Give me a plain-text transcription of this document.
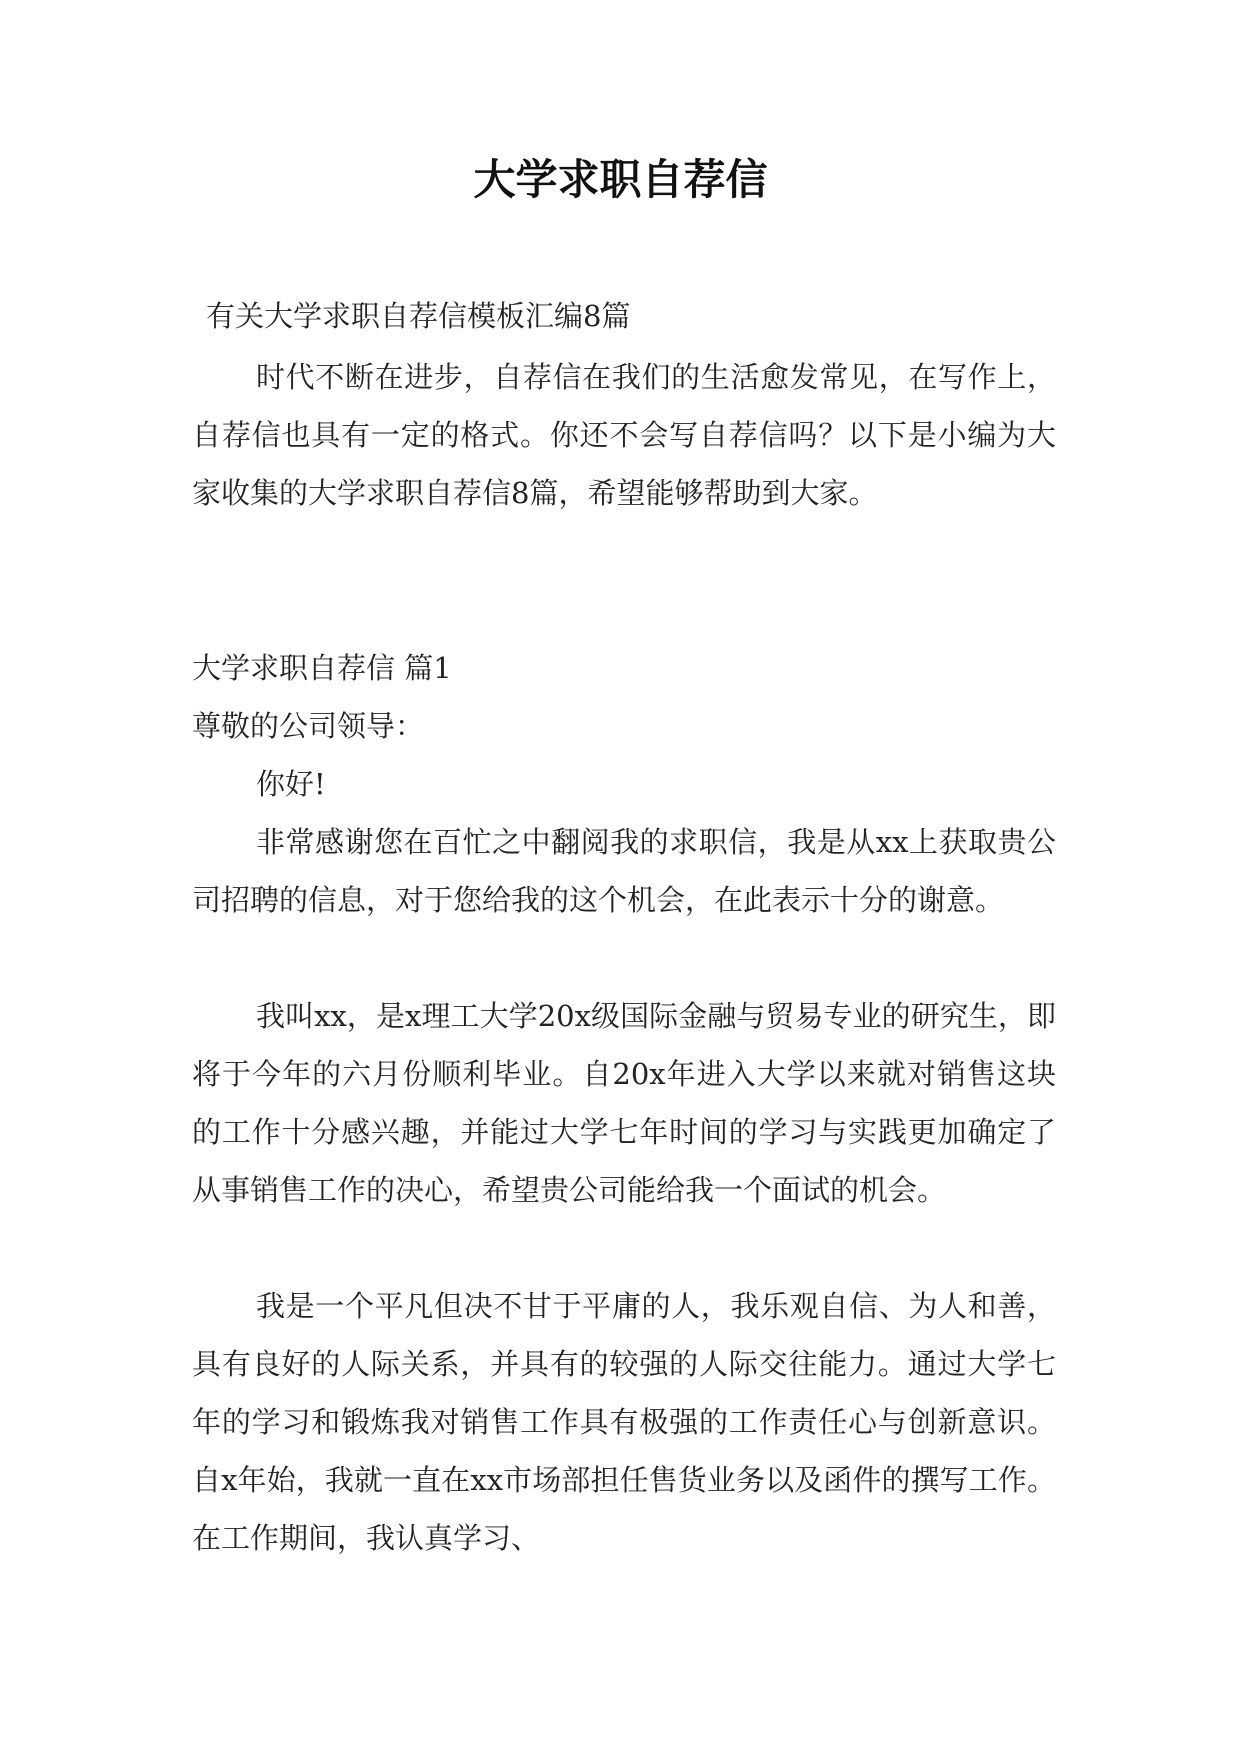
大学求职自荐信

有关大学求职自荐信模板汇编8篇

时代不断在进步，自荐信在我们的生活愈发常见，在写作上，自荐信也具有一定的格式。你还不会写自荐信吗？以下是小编为大家收集的大学求职自荐信8篇，希望能够帮助到大家。

大学求职自荐信 篇1

尊敬的公司领导：

你好!

非常感谢您在百忙之中翻阅我的求职信，我是从xx上获取贵公司招聘的信息，对于您给我的这个机会，在此表示十分的谢意。

我叫xx，是x理工大学20x级国际金融与贸易专业的研究生，即将于今年的六月份顺利毕业。自20x年进入大学以来就对销售这块的工作十分感兴趣，并能过大学七年时间的学习与实践更加确定了从事销售工作的决心，希望贵公司能给我一个面试的机会。

我是一个平凡但决不甘于平庸的人，我乐观自信、为人和善，具有良好的人际关系，并具有的较强的人际交往能力。通过大学七年的学习和锻炼我对销售工作具有极强的工作责任心与创新意识。自x年始，我就一直在xx市场部担任售货业务以及函件的撰写工作。在工作期间，我认真学习、
